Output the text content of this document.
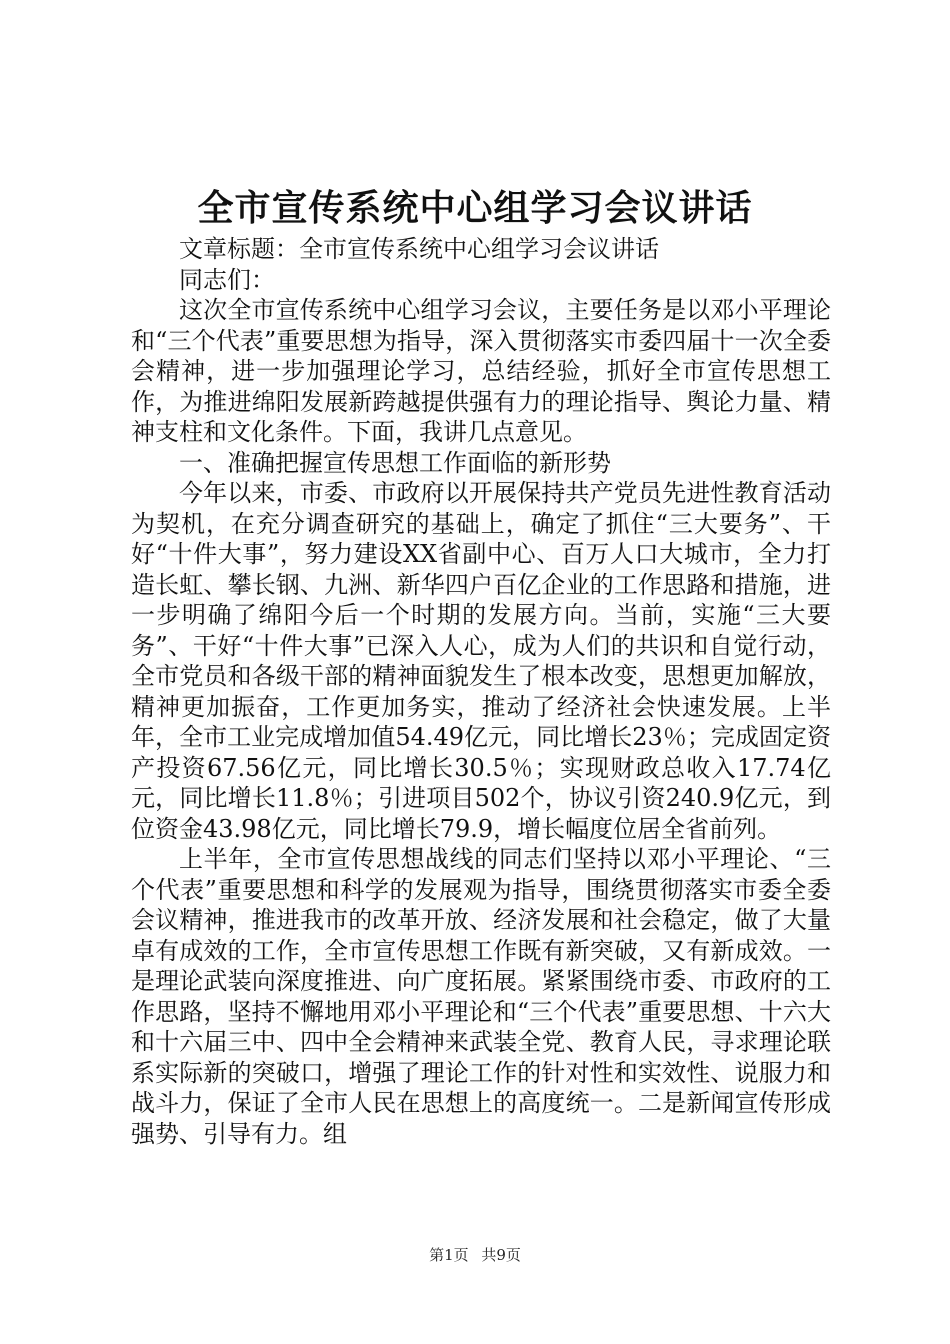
全市宣传系统中心组学习会议讲话

文章标题：全市宣传系统中心组学习会议讲话

同志们：

这次全市宣传系统中心组学习会议，主要任务是以邓小平理论和“三个代表”重要思想为指导，深入贯彻落实市委四届十一次全委会精神，进一步加强理论学习，总结经验，抓好全市宣传思想工作，为推进绵阳发展新跨越提供强有力的理论指导、舆论力量、精神支柱和文化条件。下面，我讲几点意见。

一、准确把握宣传思想工作面临的新形势

今年以来，市委、市政府以开展保持共产党员先进性教育活动为契机，在充分调查研究的基础上，确定了抓住“三大要务”、干好“十件大事”，努力建设XX省副中心、百万人口大城市，全力打造长虹、攀长钢、九洲、新华四户百亿企业的工作思路和措施，进一步明确了绵阳今后一个时期的发展方向。当前，实施“三大要务”、干好“十件大事”已深入人心，成为人们的共识和自觉行动，全市党员和各级干部的精神面貌发生了根本改变，思想更加解放，精神更加振奋，工作更加务实，推动了经济社会快速发展。上半年，全市工业完成增加值54.49亿元，同比增长23％；完成固定资产投资67.56亿元，同比增长30.5％；实现财政总收入17.74亿元，同比增长11.8％；引进项目502个，协议引资240.9亿元，到位资金43.98亿元，同比增长79.9，增长幅度位居全省前列。

上半年，全市宣传思想战线的同志们坚持以邓小平理论、“三个代表”重要思想和科学的发展观为指导，围绕贯彻落实市委全委会议精神，推进我市的改革开放、经济发展和社会稳定，做了大量卓有成效的工作，全市宣传思想工作既有新突破，又有新成效。一是理论武装向深度推进、向广度拓展。紧紧围绕市委、市政府的工作思路，坚持不懈地用邓小平理论和“三个代表”重要思想、十六大和十六届三中、四中全会精神来武装全党、教育人民，寻求理论联系实际新的突破口，增强了理论工作的针对性和实效性、说服力和战斗力，保证了全市人民在思想上的高度统一。二是新闻宣传形成强势、引导有力。组

第1页 共9页
